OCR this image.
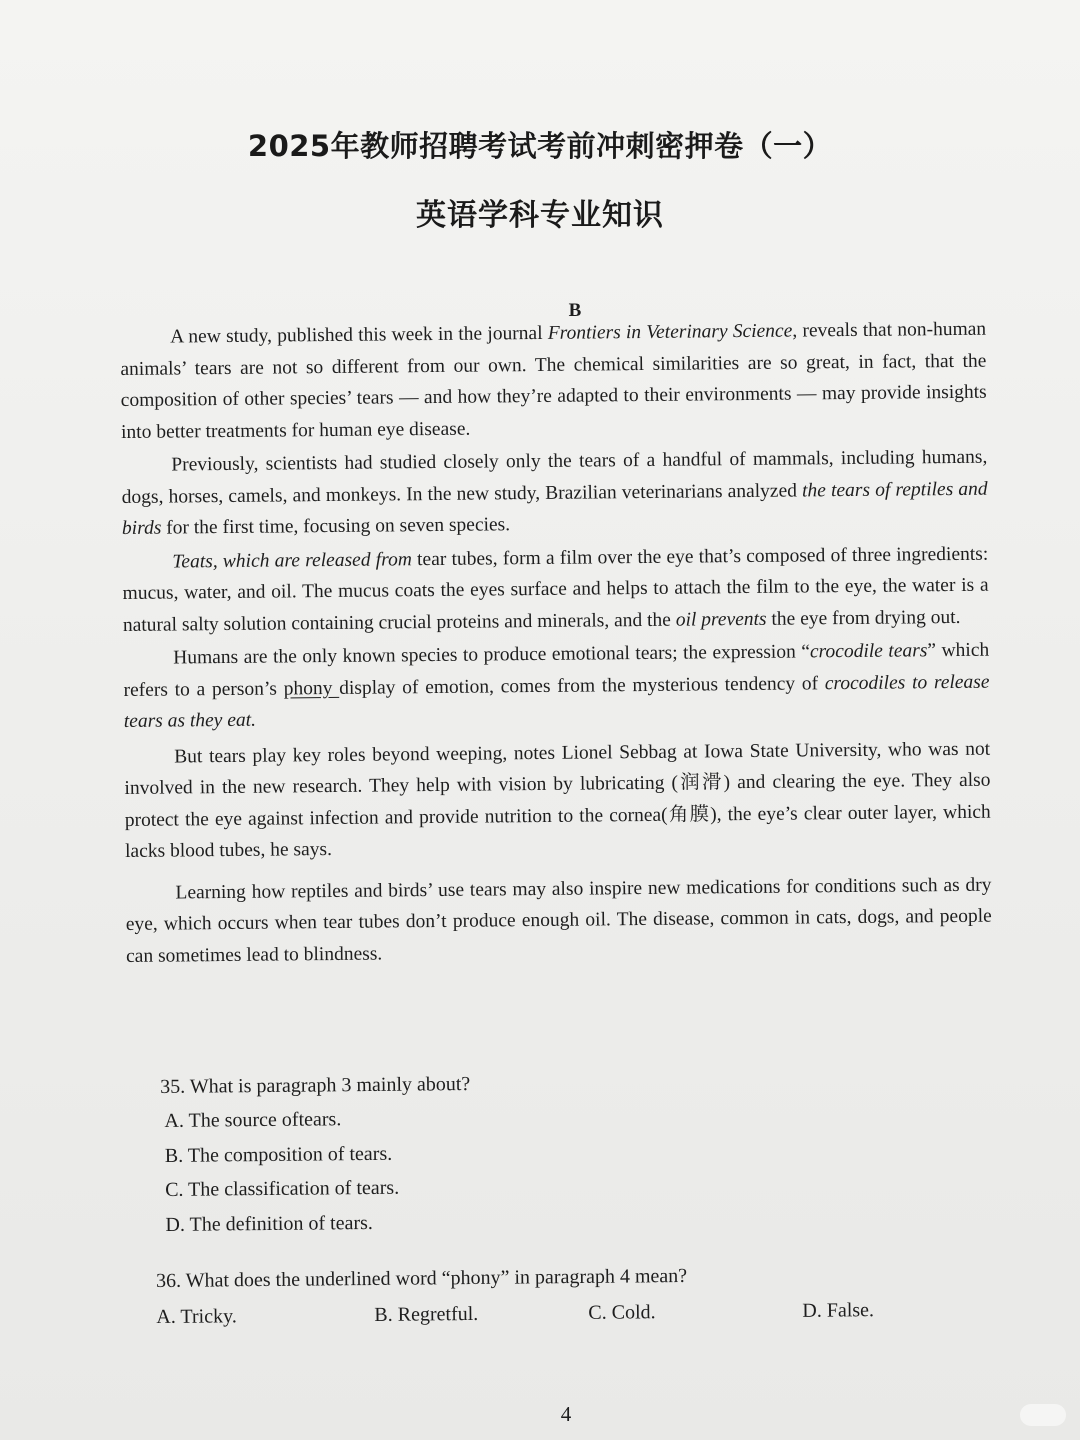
2025年教师招聘考试考前冲刺密押卷（一）
英语学科专业知识
B

A new study, published this week in the journal Frontiers in Veterinary Science, reveals that non-human animals’ tears are not so different from our own. The chemical similarities are so great, in fact, that the composition of other species’ tears — and how they’re adapted to their environments — may provide insights into better treatments for human eye disease.

Previously, scientists had studied closely only the tears of a handful of mammals, including humans, dogs, horses, camels, and monkeys. In the new study, Brazilian veterinarians analyzed the tears of reptiles and birds for the first time, focusing on seven species.

Teats, which are released from tear tubes, form a film over the eye that’s composed of three ingredients: mucus, water, and oil. The mucus coats the eyes surface and helps to attach the film to the eye, the water is a natural salty solution containing crucial proteins and minerals, and the oil prevents the eye from drying out.

Humans are the only known species to produce emotional tears; the expression “crocodile tears” which refers to a person’s phony display of emotion, comes from the mysterious tendency of crocodiles to release tears as they eat.

But tears play key roles beyond weeping, notes Lionel Sebbag at Iowa State University, who was not involved in the new research. They help with vision by lubricating (润滑) and clearing the eye. They also protect the eye against infection and provide nutrition to the cornea(角膜), the eye’s clear outer layer, which lacks blood tubes, he says.

Learning how reptiles and birds’ use tears may also inspire new medications for conditions such as dry eye, which occurs when tear tubes don’t produce enough oil. The disease, common in cats, dogs, and people can sometimes lead to blindness.

35. What is paragraph 3 mainly about?
A. The source oftears.
B. The composition of tears.
C. The classification of tears.
D. The definition of tears.
36. What does the underlined word “phony” in paragraph 4 mean?
A. Tricky.	B. Regretful.	C. Cold.	D. False.
4
